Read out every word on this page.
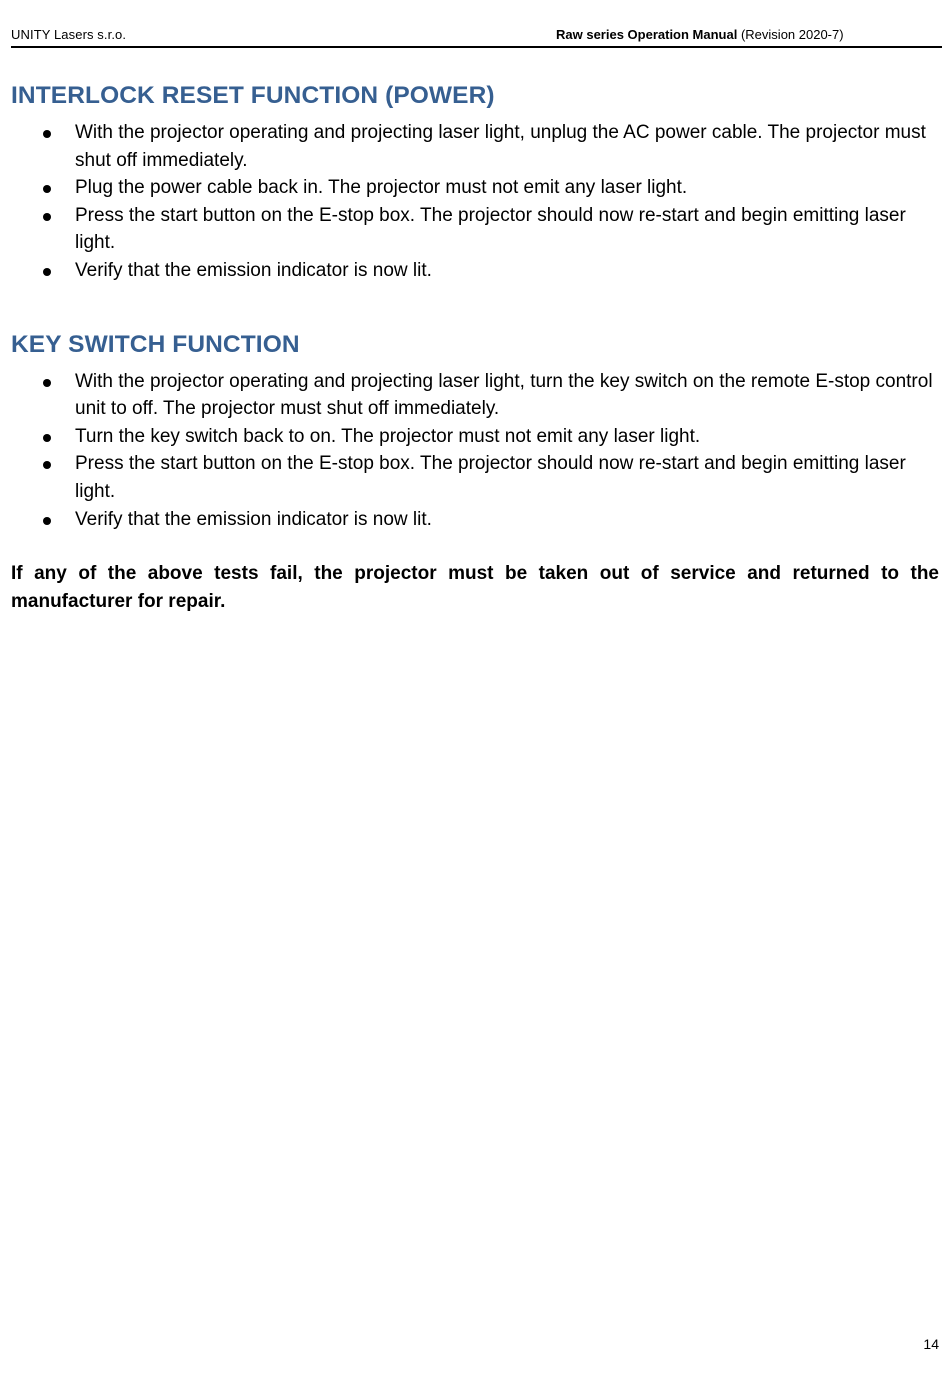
UNITY Lasers s.r.o.	Raw series Operation Manual (Revision 2020-7)
INTERLOCK RESET FUNCTION (POWER)
With the projector operating and projecting laser light, unplug the AC power cable. The projector must shut off immediately.
Plug the power cable back in. The projector must not emit any laser light.
Press the start button on the E-stop box. The projector should now re-start and begin emitting laser light.
Verify that the emission indicator is now lit.
KEY SWITCH FUNCTION
With the projector operating and projecting laser light, turn the key switch on the remote E-stop control unit to off. The projector must shut off immediately.
Turn the key switch back to on. The projector must not emit any laser light.
Press the start button on the E-stop box. The projector should now re-start and begin emitting laser light.
Verify that the emission indicator is now lit.

If any of the above tests fail, the projector must be taken out of service and returned to the manufacturer for repair.

14
